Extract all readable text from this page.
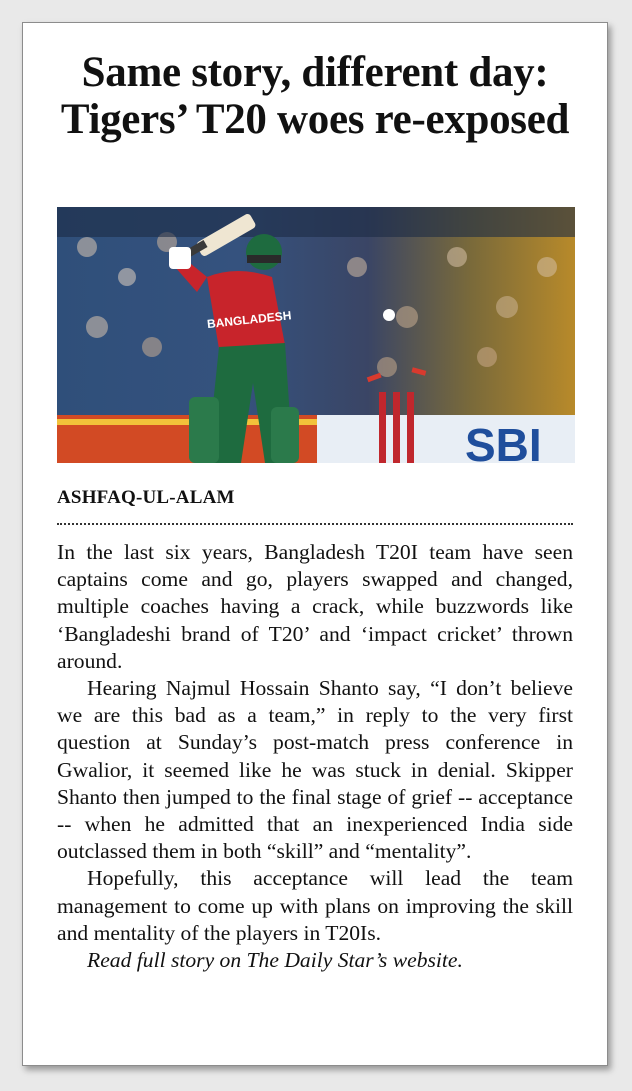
Same story, different day: Tigers’ T20 woes re-exposed
SBI
BANGLADESH
ASHFAQ-UL-ALAM

In the last six years, Bangladesh T20I team have seen captains come and go, players swapped and changed, multiple coaches having a crack, while buzzwords like ‘Bangladeshi brand of T20’ and ‘impact cricket’ thrown around.

Hearing Najmul Hossain Shanto say, “I don’t believe we are this bad as a team,” in reply to the very first question at Sunday’s post-match press conference in Gwalior, it seemed like he was stuck in denial. Skipper Shanto then jumped to the final stage of grief -- acceptance -- when he admitted that an inexperienced India side outclassed them in both “skill” and “mentality”.

Hopefully, this acceptance will lead the team management to come up with plans on improving the skill and mentality of the players in T20Is.

Read full story on The Daily Star’s website.
